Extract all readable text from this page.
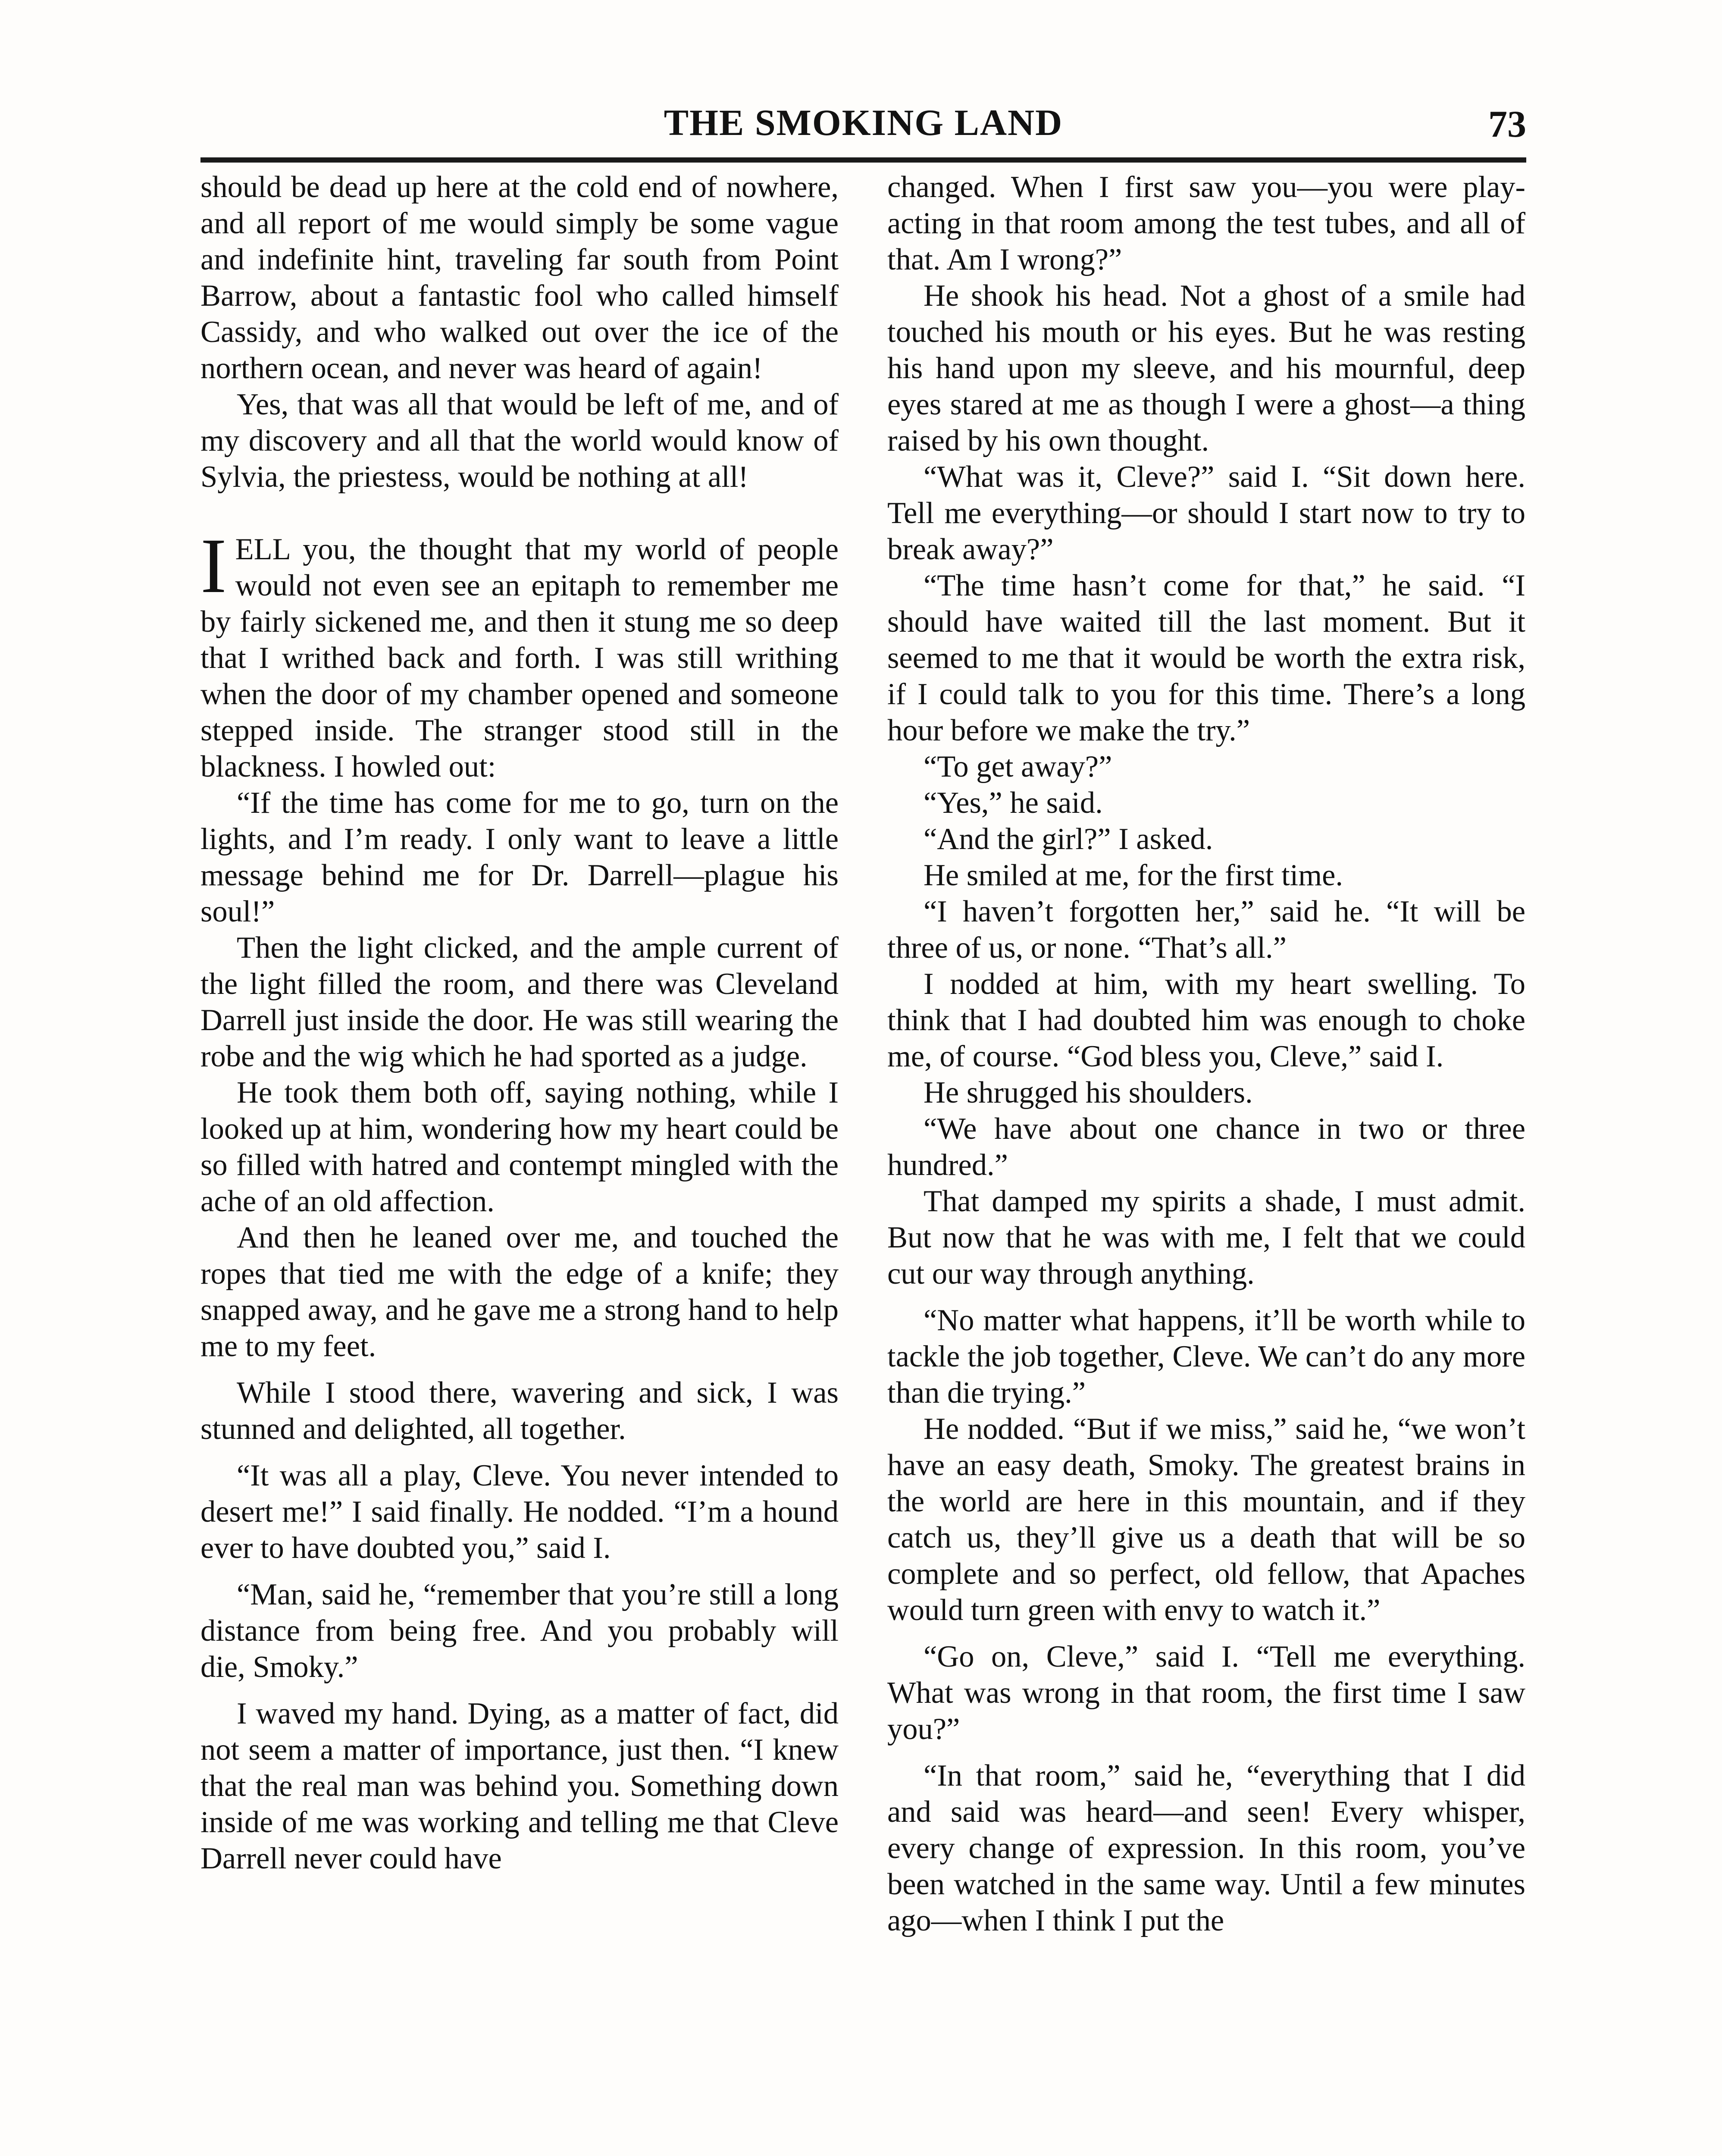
THE SMOKING LAND	73

should be dead up here at the cold end of nowhere, and all report of me would simply be some vague and indefinite hint, traveling far south from Point Barrow, about a fantastic fool who called himself Cassidy, and who walked out over the ice of the northern ocean, and never was heard of again!

Yes, that was all that would be left of me, and of my discovery and all that the world would know of Sylvia, the priestess, would be nothing at all!

IELL you, the thought that my world of people would not even see an epitaph to remember me by fairly sickened me, and then it stung me so deep that I writhed back and forth. I was still writhing when the door of my chamber opened and someone stepped inside. The stranger stood still in the blackness. I howled out:

“If the time has come for me to go, turn on the lights, and I’m ready. I only want to leave a little message behind me for Dr. Darrell—plague his soul!”

Then the light clicked, and the ample current of the light filled the room, and there was Cleveland Darrell just inside the door. He was still wearing the robe and the wig which he had sported as a judge.

He took them both off, saying nothing, while I looked up at him, wondering how my heart could be so filled with hatred and contempt mingled with the ache of an old affection.

And then he leaned over me, and touched the ropes that tied me with the edge of a knife; they snapped away, and he gave me a strong hand to help me to my feet.

While I stood there, wavering and sick, I was stunned and delighted, all together.

“It was all a play, Cleve. You never intended to desert me!” I said finally. He nodded. “I’m a hound ever to have doubted you,” said I.

“Man, said he, “remember that you’re still a long distance from being free. And you probably will die, Smoky.”

I waved my hand. Dying, as a matter of fact, did not seem a matter of importance, just then. “I knew that the real man was behind you. Something down inside of me was working and telling me that Cleve Darrell never could have

changed. When I first saw you—you were play-acting in that room among the test tubes, and all of that. Am I wrong?”

He shook his head. Not a ghost of a smile had touched his mouth or his eyes. But he was resting his hand upon my sleeve, and his mournful, deep eyes stared at me as though I were a ghost—a thing raised by his own thought.

“What was it, Cleve?” said I. “Sit down here. Tell me everything—or should I start now to try to break away?”

“The time hasn’t come for that,” he said. “I should have waited till the last moment. But it seemed to me that it would be worth the extra risk, if I could talk to you for this time. There’s a long hour before we make the try.”

“To get away?”

“Yes,” he said.

“And the girl?” I asked.

He smiled at me, for the first time.

“I haven’t forgotten her,” said he. “It will be three of us, or none. “That’s all.”

I nodded at him, with my heart swelling. To think that I had doubted him was enough to choke me, of course. “God bless you, Cleve,” said I.

He shrugged his shoulders.

“We have about one chance in two or three hundred.”

That damped my spirits a shade, I must admit. But now that he was with me, I felt that we could cut our way through anything.

“No matter what happens, it’ll be worth while to tackle the job together, Cleve. We can’t do any more than die trying.”

He nodded. “But if we miss,” said he, “we won’t have an easy death, Smoky. The greatest brains in the world are here in this mountain, and if they catch us, they’ll give us a death that will be so complete and so perfect, old fellow, that Apaches would turn green with envy to watch it.”

“Go on, Cleve,” said I. “Tell me everything. What was wrong in that room, the first time I saw you?”

“In that room,” said he, “everything that I did and said was heard—and seen! Every whisper, every change of expression. In this room, you’ve been watched in the same way. Until a few minutes ago—when I think I put the
